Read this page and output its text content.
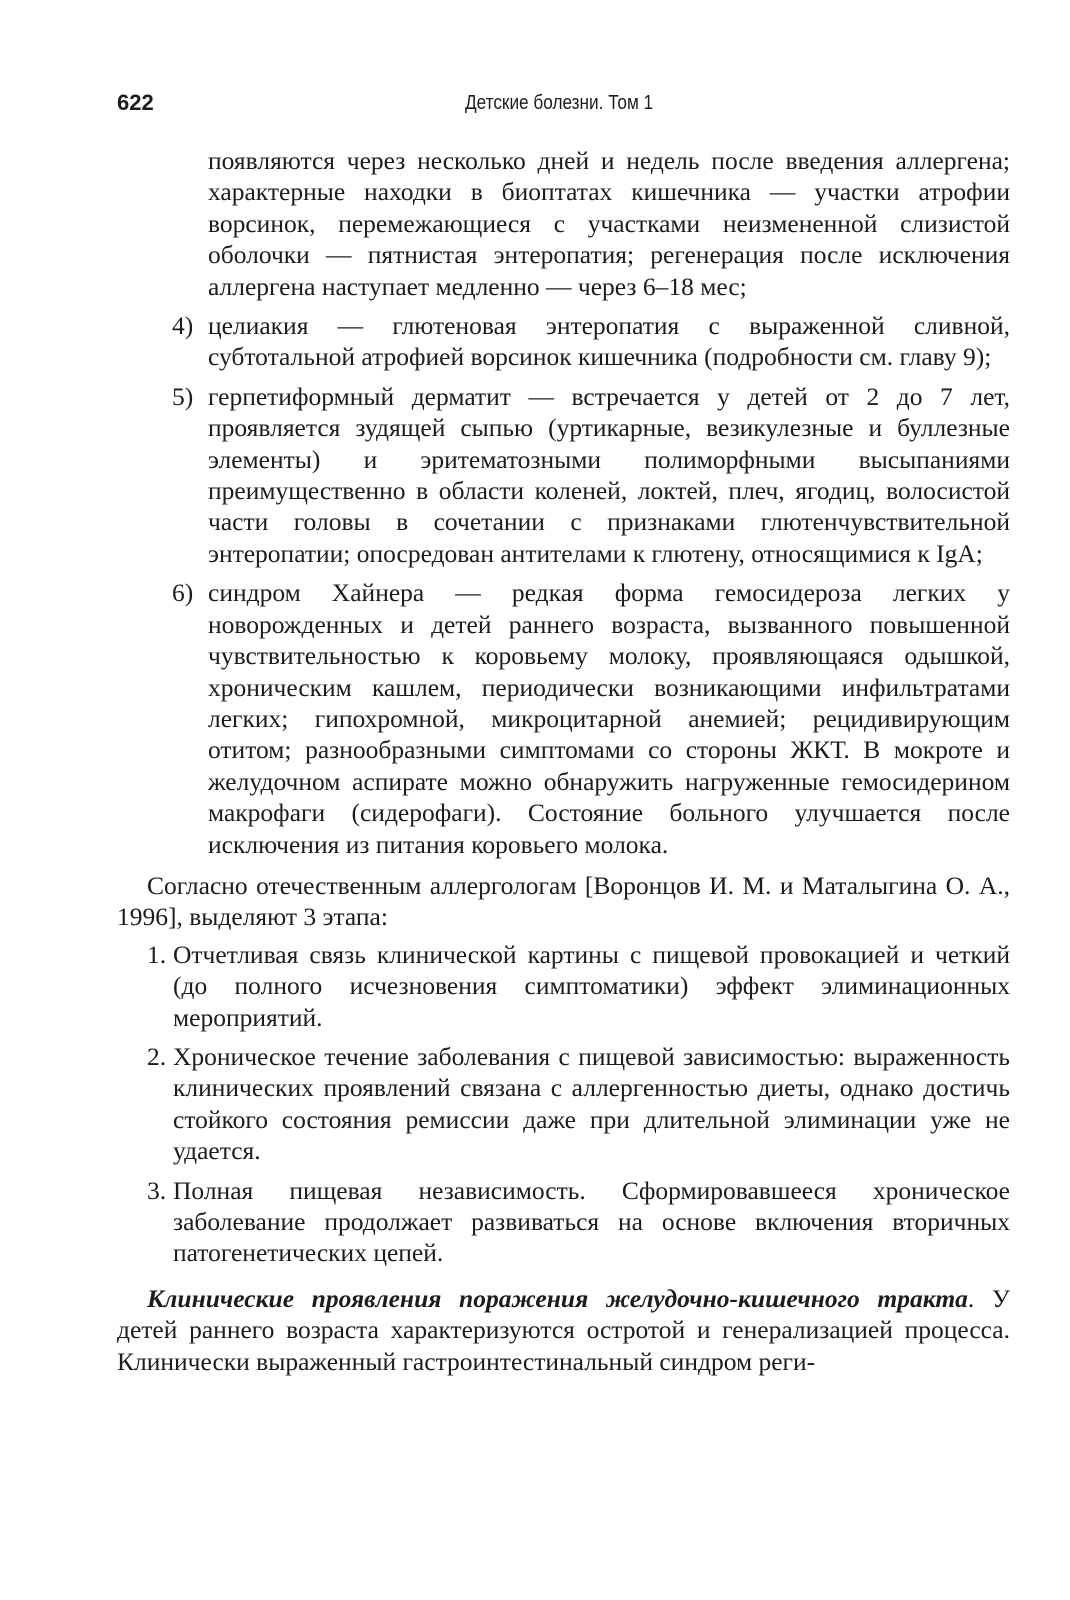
622	Детские болезни. Том 1

появляются через несколько дней и недель после введения аллергена; характерные находки в биоптатах кишечника — участки атрофии ворсинок, перемежающиеся с участками неизмененной слизистой оболочки — пятнистая энтеропатия; регенерация после исключения аллергена наступает медленно — через 6–18 мес;

4) целиакия — глютеновая энтеропатия с выраженной сливной, субтотальной атрофией ворсинок кишечника (подробности см. главу 9);
5) герпетиформный дерматит — встречается у детей от 2 до 7 лет, проявляется зудящей сыпью (уртикарные, везикулезные и буллезные элементы) и эритематозными полиморфными высыпаниями преимущественно в области коленей, локтей, плеч, ягодиц, волосистой части головы в сочетании с признаками глютенчувствительной энтеропатии; опосредован антителами к глютену, относящимися к IgA;
6) синдром Хайнера — редкая форма гемосидероза легких у новорожденных и детей раннего возраста, вызванного повышенной чувствительностью к коровьему молоку, проявляющаяся одышкой, хроническим кашлем, периодически возникающими инфильтратами легких; гипохромной, микроцитарной анемией; рецидивирующим отитом; разнообразными симптомами со стороны ЖКТ. В мокроте и желудочном аспирате можно обнаружить нагруженные гемосидерином макрофаги (сидерофаги). Состояние больного улучшается после исключения из питания коровьего молока.

Согласно отечественным аллергологам [Воронцов И. М. и Маталыгина О. А., 1996], выделяют 3 этапа:

1. Отчетливая связь клинической картины с пищевой провокацией и четкий (до полного исчезновения симптоматики) эффект элиминационных мероприятий.
2. Хроническое течение заболевания с пищевой зависимостью: выраженность клинических проявлений связана с аллергенностью диеты, однако достичь стойкого состояния ремиссии даже при длительной элиминации уже не удается.
3. Полная пищевая независимость. Сформировавшееся хроническое заболевание продолжает развиваться на основе включения вторичных патогенетических цепей.

Клинические проявления поражения желудочно-кишечного тракта. У детей раннего возраста характеризуются остротой и генерализацией процесса. Клинически выраженный гастроинтестинальный синдром реги-
